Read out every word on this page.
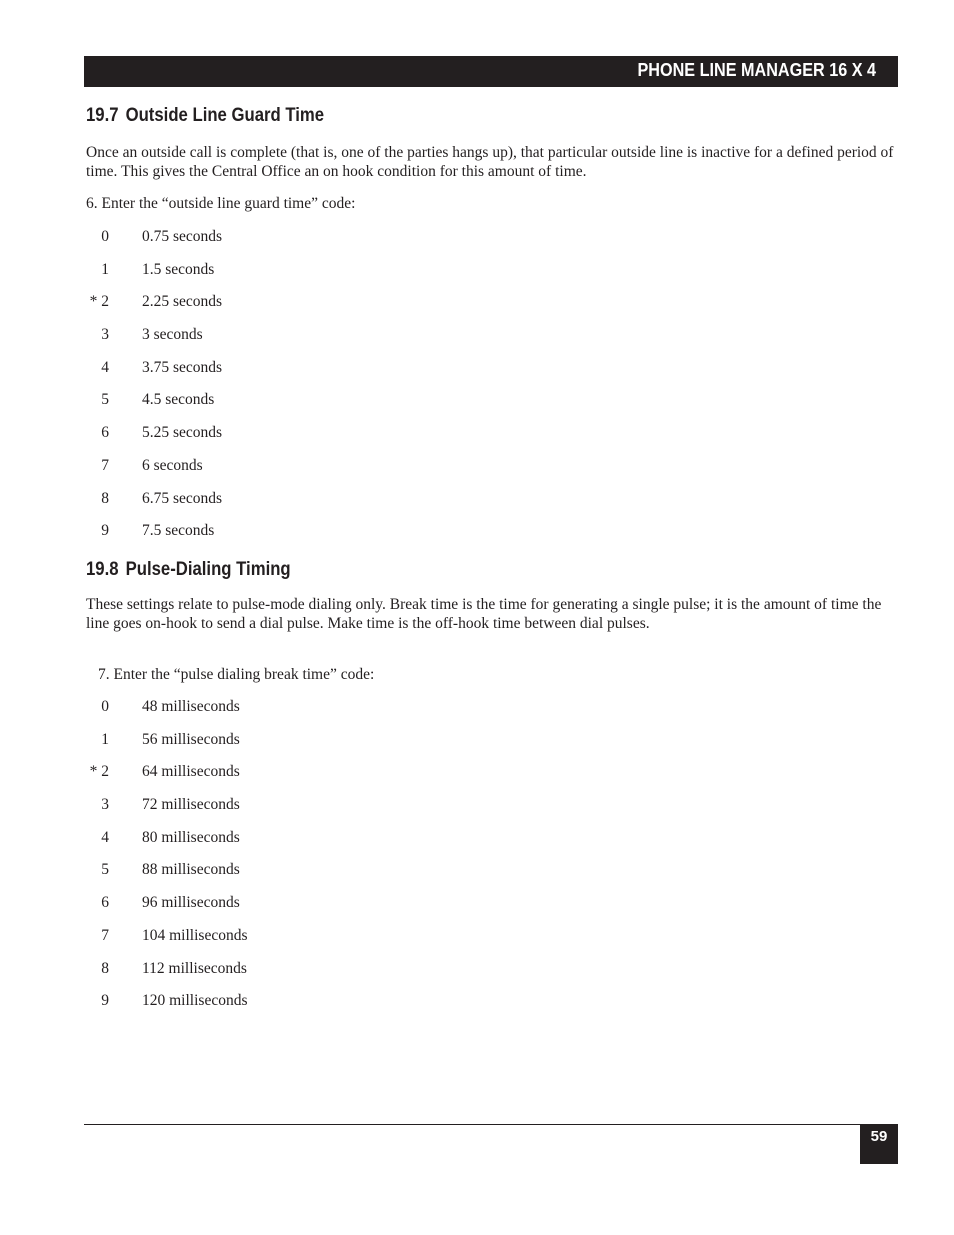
PHONE LINE MANAGER 16 X 4
19.7 Outside Line Guard Time

Once an outside call is complete (that is, one of the parties hangs up), that particular outside line is inactive for a defined period of time. This gives the Central Office an on hook condition for this amount of time.

6. Enter the “outside line guard time” code:

0 0.75 seconds
1 1.5 seconds
* 2 2.25 seconds
3 3 seconds
4 3.75 seconds
5 4.5 seconds
6 5.25 seconds
7 6 seconds
8 6.75 seconds
9 7.5 seconds
19.8 Pulse-Dialing Timing

These settings relate to pulse-mode dialing only. Break time is the time for generating a single pulse; it is the amount of time the line goes on-hook to send a dial pulse. Make time is the off-hook time between dial pulses.

7. Enter the “pulse dialing break time” code:

0 48 milliseconds
1 56 milliseconds
* 2 64 milliseconds
3 72 milliseconds
4 80 milliseconds
5 88 milliseconds
6 96 milliseconds
7 104 milliseconds
8 112 milliseconds
9 120 milliseconds
59
